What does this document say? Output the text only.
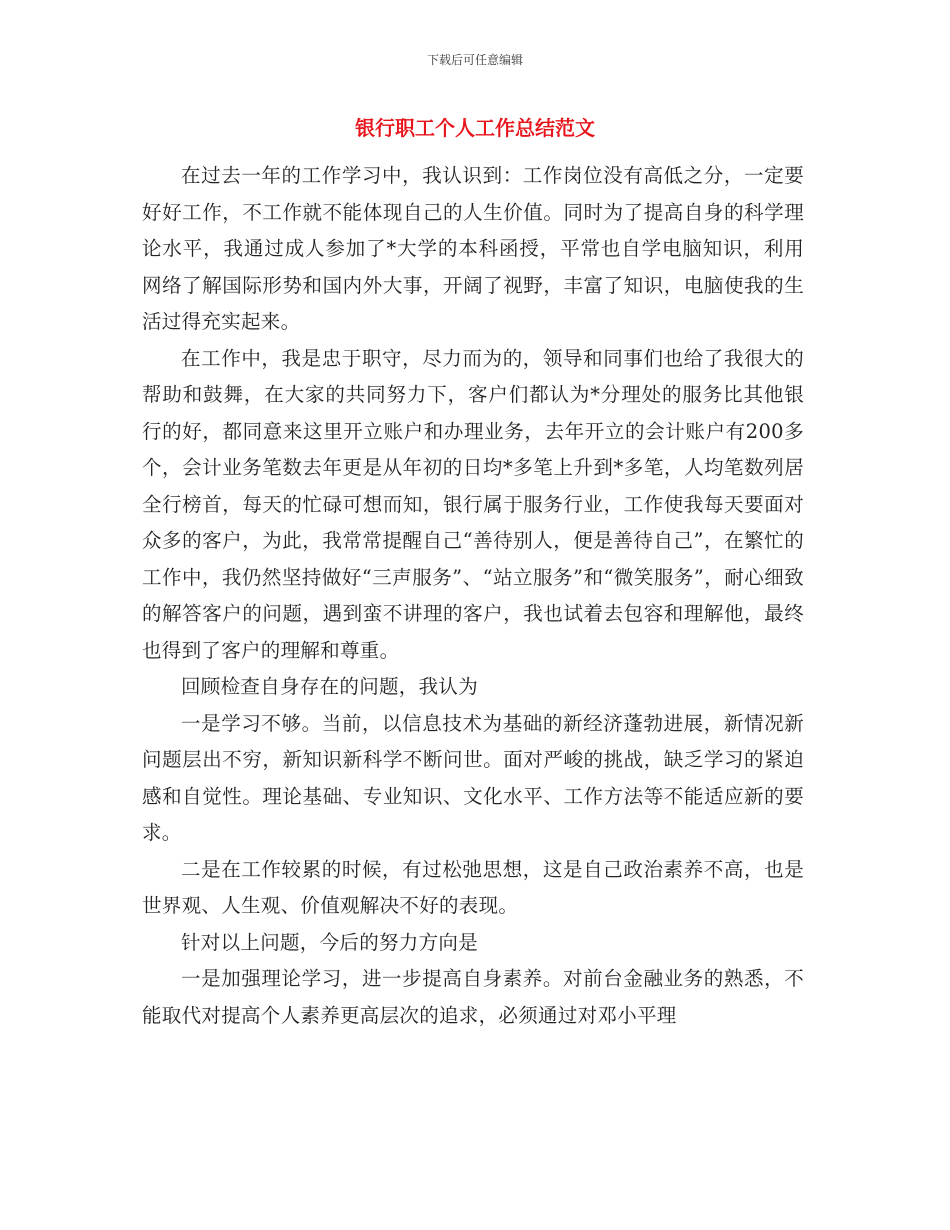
下载后可任意编辑
银行职工个人工作总结范文

在过去一年的工作学习中，我认识到：工作岗位没有高低之分，一定要好好工作，不工作就不能体现自己的人生价值。同时为了提高自身的科学理论水平，我通过成人参加了*大学的本科函授，平常也自学电脑知识，利用网络了解国际形势和国内外大事，开阔了视野，丰富了知识，电脑使我的生活过得充实起来。

在工作中，我是忠于职守，尽力而为的，领导和同事们也给了我很大的帮助和鼓舞，在大家的共同努力下，客户们都认为*分理处的服务比其他银行的好，都同意来这里开立账户和办理业务，去年开立的会计账户有200多个，会计业务笔数去年更是从年初的日均*多笔上升到*多笔，人均笔数列居全行榜首，每天的忙碌可想而知，银行属于服务行业，工作使我每天要面对众多的客户，为此，我常常提醒自己“善待别人，便是善待自己”，在繁忙的工作中，我仍然坚持做好“三声服务”、“站立服务”和“微笑服务”，耐心细致的解答客户的问题，遇到蛮不讲理的客户，我也试着去包容和理解他，最终也得到了客户的理解和尊重。

回顾检查自身存在的问题，我认为

一是学习不够。当前，以信息技术为基础的新经济蓬勃进展，新情况新问题层出不穷，新知识新科学不断问世。面对严峻的挑战，缺乏学习的紧迫感和自觉性。理论基础、专业知识、文化水平、工作方法等不能适应新的要求。

二是在工作较累的时候，有过松弛思想，这是自己政治素养不高，也是世界观、人生观、价值观解决不好的表现。

针对以上问题，今后的努力方向是

一是加强理论学习，进一步提高自身素养。对前台金融业务的熟悉，不能取代对提高个人素养更高层次的追求，必须通过对邓小平理
